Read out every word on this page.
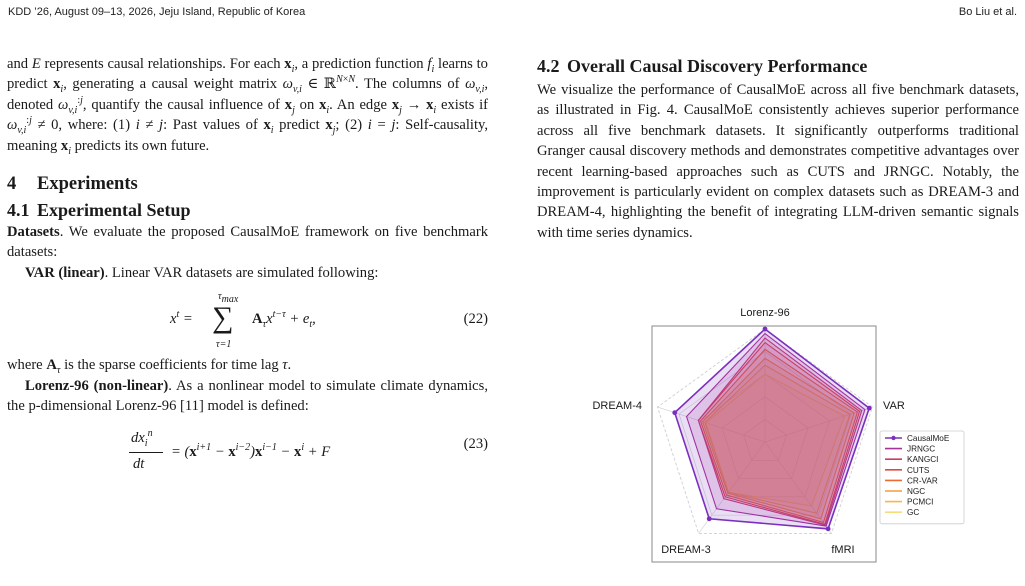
KDD ’26, August 09–13, 2026, Jeju Island, Republic of Korea	Bo Liu et al.

and E represents causal relationships. For each $x_i$, a prediction function $f_i$ learns to predict $x_i$, generating a causal weight matrix $\omega_{v,i}$ ∈ ℝ$^{N\times N}$. The columns of $\omega_{v,i}$, denoted $\omega_{v,i}^{:j}$, quantify the causal influence of $x_j$ on $x_i$. An edge $x_j \to x_i$ exists if $\omega_{v,i}^{:j} \ne 0$, where: (1) i ≠ j: Past values of $x_i$ predict $x_j$; (2) i = j: Self-causality, meaning $x_i$ predicts its own future.

4 Experiments
4.1 Experimental Setup

Datasets. We evaluate the proposed CausalMoE framework on five benchmark datasets:

VAR (linear). Linear VAR datasets are simulated following:

$x^t$ =
$\tau_{max}$
∑
τ=1
$A_\tau x^{t-\tau} + e_t$,	(22)

where $A_\tau$ is the sparse coefficients for time lag τ.

Lorenz-96 (non-linear). As a nonlinear model to simulate climate dynamics, the p-dimensional Lorenz-96 [11] model is defined:

$dx_i^n$
dt
= $(x^{i+1} - x^{i-2})x^{i-1} - x^i + F$	(23)
4.2 Overall Causal Discovery Performance

We visualize the performance of CausalMoE across all five benchmark datasets, as illustrated in Fig. 4. CausalMoE consistently achieves superior performance across all five benchmark datasets. It significantly outperforms traditional Granger causal discovery methods and demonstrates competitive advantages over recent learning-based approaches such as CUTS and JRNGC. Notably, the improvement is particularly evident on complex datasets such as DREAM-3 and DREAM-4, highlighting the benefit of integrating LLM-driven semantic signals with time series dynamics.

Lorenz-96
VAR
fMRI
DREAM-3
DREAM-4
CausalMoE
JRNGC
KANGCI
CUTS
CR-VAR
NGC
PCMCI
GC
